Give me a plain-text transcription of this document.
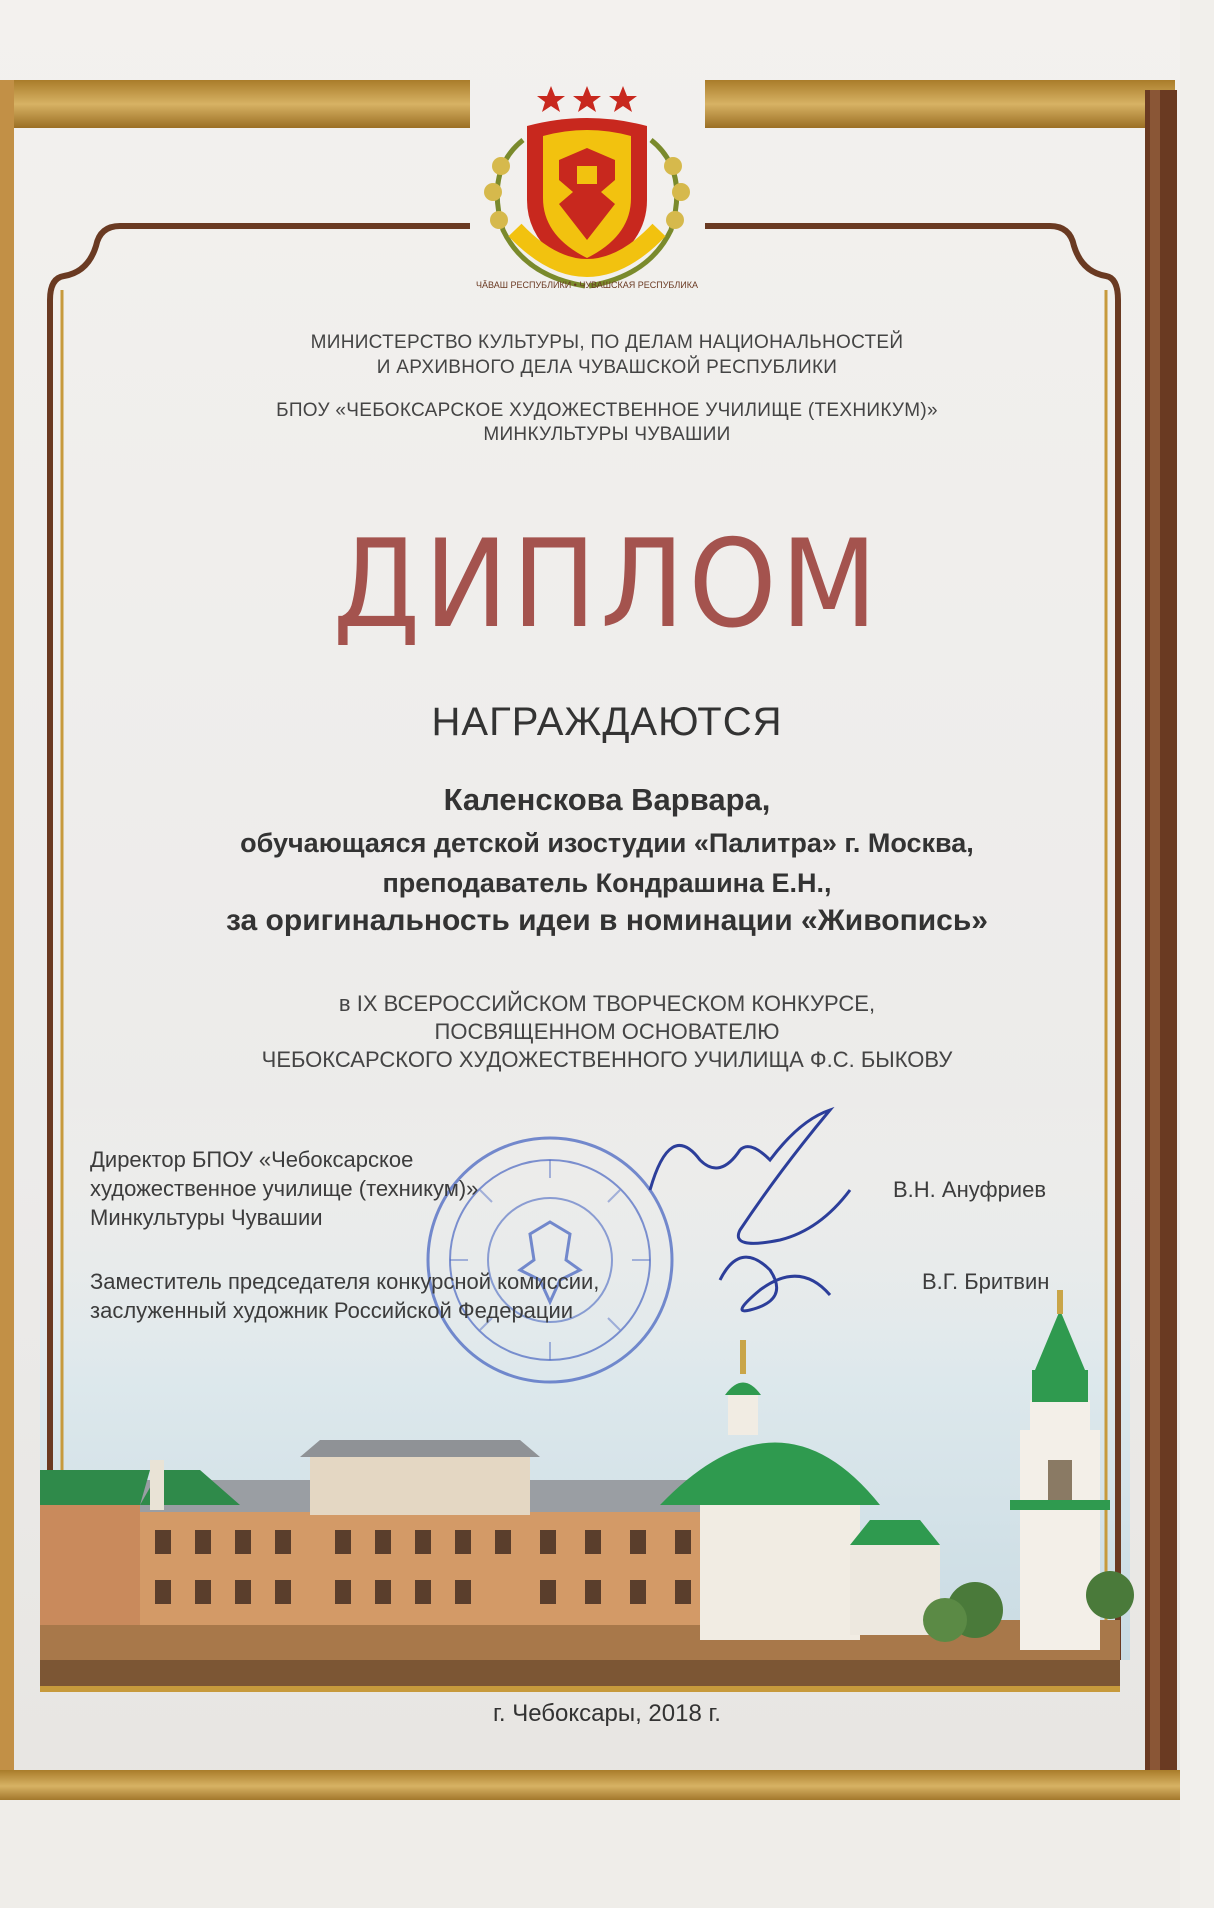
ЧӐВАШ РЕСПУБЛИКИ • ЧУВАШСКАЯ РЕСПУБЛИКА
МИНИСТЕРСТВО КУЛЬТУРЫ, ПО ДЕЛАМ НАЦИОНАЛЬНОСТЕЙ
И АРХИВНОГО ДЕЛА ЧУВАШСКОЙ РЕСПУБЛИКИ
БПОУ «ЧЕБОКСАРСКОЕ ХУДОЖЕСТВЕННОЕ УЧИЛИЩЕ (ТЕХНИКУМ)»
МИНКУЛЬТУРЫ ЧУВАШИИ
ДИПЛОМ
НАГРАЖДАЮТСЯ
Каленскова Варвара,
обучающаяся детской изостудии «Палитра» г. Москва,
преподаватель Кондрашина Е.Н.,
за оригинальность идеи в номинации «Живопись»
в IX ВСЕРОССИЙСКОМ ТВОРЧЕСКОМ КОНКУРСЕ,
ПОСВЯЩЕННОМ ОСНОВАТЕЛЮ
ЧЕБОКСАРСКОГО ХУДОЖЕСТВЕННОГО УЧИЛИЩА Ф.С. БЫКОВУ
Директор БПОУ «Чебоксарское
художественное училище (техникум)»
Минкультуры Чувашии
В.Н. Ануфриев
Заместитель председателя конкурсной комиссии,
заслуженный художник Российской Федерации
В.Г. Бритвин
г. Чебоксары, 2018 г.
